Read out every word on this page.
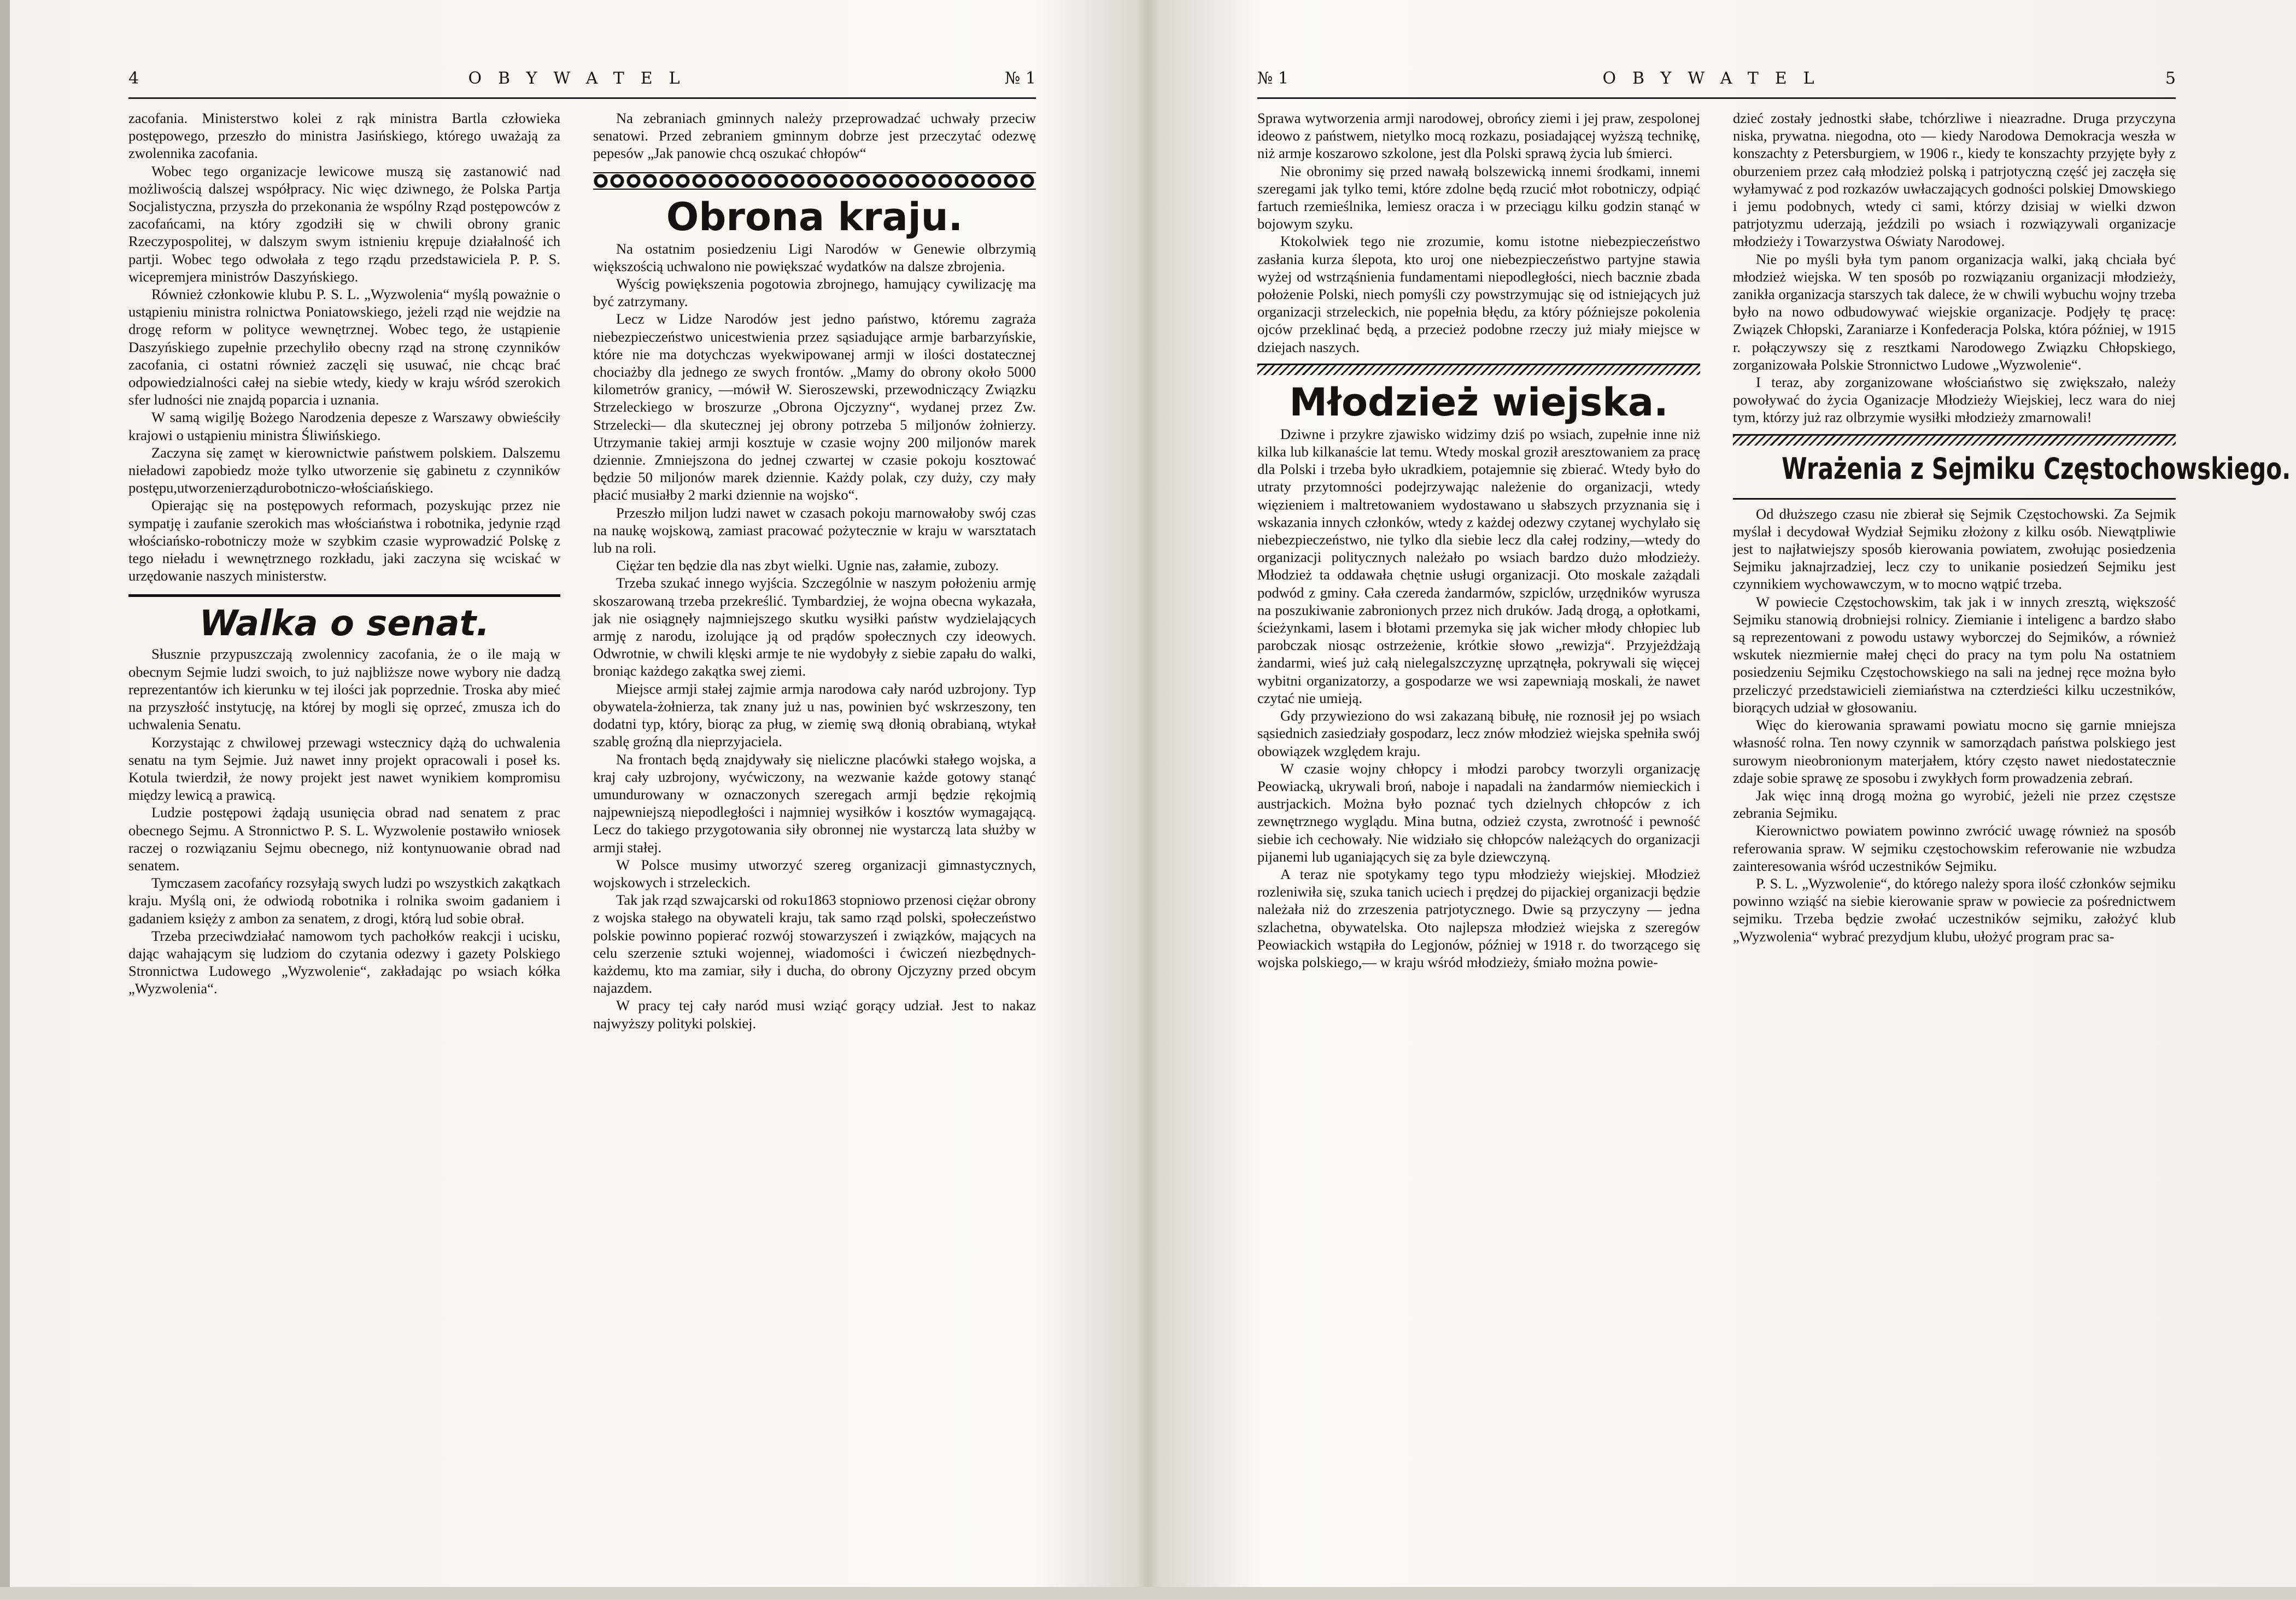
4	OBYWATEL	№ 1

zacofania. Ministerstwo kolei z rąk ministra Bartla człowieka postępowego, przeszło do ministra Jasińskiego, którego uważają za zwolennika zacofania.

Wobec tego organizacje lewicowe muszą się zastanowić nad możliwością dalszej współpracy. Nic więc dziwnego, że Polska Partja Socjalistyczna, przyszła do przekonania że wspólny Rząd postępowców z zacofańcami, na który zgodziłi się w chwili obrony granic Rzeczypospolitej, w dalszym swym istnieniu krępuje działalność ich partji. Wobec tego odwołała z tego rządu przedstawiciela P. P. S. wicepremjera ministrów Daszyńskiego.

Również członkowie klubu P. S. L. „Wyzwolenia“ myślą poważnie o ustąpieniu ministra rolnictwa Poniatowskiego, jeżeli rząd nie wejdzie na drogę reform w polityce wewnętrznej. Wobec tego, że ustąpienie Daszyńskiego zupełnie przechyliło obecny rząd na stronę czynników zacofania, ci ostatni również zaczęli się usuwać, nie chcąc brać odpowiedzialności całej na siebie wtedy, kiedy w kraju wśród szerokich sfer ludności nie znajdą poparcia i uznania.

W samą wigilję Bożego Narodzenia depesze z Warszawy obwieściły krajowi o ustąpieniu ministra Śliwińskiego.

Zaczyna się zamęt w kierownictwie państwem polskiem. Dalszemu nieładowi zapobiedz może tylko utworzenie się gabinetu z czynników postępu,utworzenierządurobotniczo-włościańskiego.

Opierając się na postępowych reformach, pozyskując przez nie sympatję i zaufanie szerokich mas włościaństwa i robotnika, jedynie rząd włościańsko-robotniczy może w szybkim czasie wyprowadzić Polskę z tego nieładu i wewnętrznego rozkładu, jaki zaczyna się wciskać w urzędowanie naszych ministerstw.

Walka o senat.

Słusznie przypuszczają zwolennicy zacofania, że o ile mają w obecnym Sejmie ludzi swoich, to już najbliższe nowe wybory nie dadzą reprezentantów ich kierunku w tej ilości jak poprzednie. Troska aby mieć na przyszłość instytucję, na której by mogli się oprzeć, zmusza ich do uchwalenia Senatu.

Korzystając z chwilowej przewagi wstecznicy dążą do uchwalenia senatu na tym Sejmie. Już nawet inny projekt opracowali i poseł ks. Kotula twierdził, że nowy projekt jest nawet wynikiem kompromisu między lewicą a prawicą.

Ludzie postępowi żądają usunięcia obrad nad senatem z prac obecnego Sejmu. A Stronnictwo P. S. L. Wyzwolenie postawiło wniosek raczej o rozwiązaniu Sejmu obecnego, niż kontynuowanie obrad nad senatem.

Tymczasem zacofańcy rozsyłają swych ludzi po wszystkich zakątkach kraju. Myślą oni, że odwiodą robotnika i rolnika swoim gadaniem i gadaniem księży z ambon za senatem, z drogi, którą lud sobie obrał.

Trzeba przeciwdziałać namowom tych pachołków reakcji i ucisku, dając wahającym się ludziom do czytania odezwy i gazety Polskiego Stronnictwa Ludowego „Wyzwolenie“, zakładając po wsiach kółka „Wyzwolenia“.

Na zebraniach gminnych należy przeprowadzać uchwały przeciw senatowi. Przed zebraniem gminnym dobrze jest przeczytać odezwę pepesów „Jak panowie chcą oszukać chłopów“

Obrona kraju.

Na ostatnim posiedzeniu Ligi Narodów w Genewie olbrzymią większością uchwalono nie powiększać wydatków na dalsze zbrojenia.

Wyścig powiększenia pogotowia zbrojnego, hamujący cywilizację ma być zatrzymany.

Lecz w Lidze Narodów jest jedno państwo, któremu zagraża niebezpieczeństwo unicestwienia przez sąsiadujące armje barbarzyńskie, które nie ma dotychczas wyekwipowanej armji w ilości dostatecznej chociażby dla jednego ze swych frontów. „Mamy do obrony około 5000 kilometrów granicy, —mówił W. Sieroszewski, przewodniczący Związku Strzeleckiego w broszurze „Obrona Ojczyzny“, wydanej przez Zw. Strzelecki— dla skutecznej jej obrony potrzeba 5 miljonów żołnierzy. Utrzymanie takiej armji kosztuje w czasie wojny 200 miljonów marek dziennie. Zmniejszona do jednej czwartej w czasie pokoju kosztować będzie 50 miljonów marek dziennie. Każdy polak, czy duży, czy mały płacić musiałby 2 marki dziennie na wojsko“.

Przeszło miljon ludzi nawet w czasach pokoju marnowałoby swój czas na naukę wojskową, zamiast pracować pożytecznie w kraju w warsztatach lub na roli.

Ciężar ten będzie dla nas zbyt wielki. Ugnie nas, załamie, zubozy.

Trzeba szukać innego wyjścia. Szczególnie w naszym położeniu armję skoszarowaną trzeba przekreślić. Tymbardziej, że wojna obecna wykazała, jak nie osiągnęły najmniejszego skutku wysiłki państw wydzielających armję z narodu, izolujące ją od prądów społecznych czy ideowych. Odwrotnie, w chwili klęski armje te nie wydobyły z siebie zapału do walki, broniąc każdego zakątka swej ziemi.

Miejsce armji stałej zajmie armja narodowa cały naród uzbrojony. Typ obywatela-żołnierza, tak znany już u nas, powinien być wskrzeszony, ten dodatni typ, który, biorąc za pług, w ziemię swą dłonią obrabianą, wtykał szablę groźną dla nieprzyjaciela.

Na frontach będą znajdywały się nieliczne placówki stałego wojska, a kraj cały uzbrojony, wyćwiczony, na wezwanie każde gotowy stanąć umundurowany w oznaczonych szeregach armji będzie rękojmią najpewniejszą niepodległości i najmniej wysiłków i kosztów wymagającą. Lecz do takiego przygotowania siły obronnej nie wystarczą lata służby w armji stałej.

W Polsce musimy utworzyć szereg organizacji gimnastycznych, wojskowych i strzeleckich.

Tak jak rząd szwajcarski od roku1863 stopniowo przenosi ciężar obrony z wojska stałego na obywateli kraju, tak samo rząd polski, społeczeństwo polskie powinno popierać rozwój stowarzyszeń i związków, mających na celu szerzenie sztuki wojennej, wiadomości i ćwiczeń niezbędnych-każdemu, kto ma zamiar, siły i ducha, do obrony Ojczyzny przed obcym najazdem.

W pracy tej cały naród musi wziąć gorący udział. Jest to nakaz najwyższy polityki polskiej.

№ 1	OBYWATEL	5

Sprawa wytworzenia armji narodowej, obrońcy ziemi i jej praw, zespolonej ideowo z państwem, nietylko mocą rozkazu, posiadającej wyższą technikę, niż armje koszarowo szkolone, jest dla Polski sprawą życia lub śmierci.

Nie obronimy się przed nawałą bolszewicką innemi środkami, innemi szeregami jak tylko temi, które zdolne będą rzucić młot robotniczy, odpiąć fartuch rzemieślnika, lemiesz oracza i w przeciągu kilku godzin stanąć w bojowym szyku.

Ktokolwiek tego nie zrozumie, komu istotne niebezpieczeństwo zasłania kurza ślepota, kto uroj one niebezpieczeństwo partyjne stawia wyżej od wstrząśnienia fundamentami niepodległości, niech bacznie zbada położenie Polski, niech pomyśli czy powstrzymując się od istniejących już organizacji strzeleckich, nie popełnia błędu, za który późniejsze pokolenia ojców przeklinać będą, a przecież podobne rzeczy już miały miejsce w dziejach naszych.

Młodzież wiejska.

Dziwne i przykre zjawisko widzimy dziś po wsiach, zupełnie inne niż kilka lub kilkanaście lat temu. Wtedy moskal groził aresztowaniem za pracę dla Polski i trzeba było ukradkiem, potajemnie się zbierać. Wtedy było do utraty przytomności podejrzywając należenie do organizacji, wtedy więzieniem i maltretowaniem wydostawano u słabszych przyznania się i wskazania innych członków, wtedy z każdej odezwy czytanej wychylało się niebezpieczeństwo, nie tylko dla siebie lecz dla całej rodziny,—wtedy do organizacji politycznych należało po wsiach bardzo dużo młodzieży. Młodzież ta oddawała chętnie usługi organizacji. Oto moskale zażądali podwód z gminy. Cała czereda żandarmów, szpiclów, urzędników wyrusza na poszukiwanie zabronionych przez nich druków. Jadą drogą, a opłotkami, ścieżynkami, lasem i błotami przemyka się jak wicher młody chłopiec lub parobczak niosąc ostrzeżenie, krótkie słowo „rewizja“. Przyjeżdżają żandarmi, wieś już całą nielegalszczyznę uprzątnęła, pokrywali się więcej wybitni organizatorzy, a gospodarze we wsi zapewniają moskali, że nawet czytać nie umieją.

Gdy przywieziono do wsi zakazaną bibułę, nie roznosił jej po wsiach sąsiednich zasiedziały gospodarz, lecz znów młodzież wiejska spełniła swój obowiązek względem kraju.

W czasie wojny chłopcy i młodzi parobcy tworzyli organizację Peowiacką, ukrywali broń, naboje i napadali na żandarmów niemieckich i austrjackich. Można było poznać tych dzielnych chłopców z ich zewnętrznego wyglądu. Mina butna, odzież czysta, zwrotność i pewność siebie ich cechowały. Nie widziało się chłopców należących do organizacji pijanemi lub uganiających się za byle dziewczyną.

A teraz nie spotykamy tego typu młodzieży wiejskiej. Młodzież rozleniwiła się, szuka tanich uciech i prędzej do pijackiej organizacji będzie należała niż do zrzeszenia patrjotycznego. Dwie są przyczyny — jedna szlachetna, obywatelska. Oto najlepsza młodzież wiejska z szeregów Peowiackich wstąpiła do Legjonów, później w 1918 r. do tworzącego się wojska polskiego,— w kraju wśród młodzieży, śmiało można powie-

dzieć zostały jednostki słabe, tchórzliwe i nieazradne. Druga przyczyna niska, prywatna. niegodna, oto — kiedy Narodowa Demokracja weszła w konszachty z Petersburgiem, w 1906 r., kiedy te konszachty przyjęte były z oburzeniem przez całą młodzież polską i patrjotyczną część jej zaczęła się wyłamywać z pod rozkazów uwłaczających godności polskiej Dmowskiego i jemu podobnych, wtedy ci sami, którzy dzisiaj w wielki dzwon patrjotyzmu uderzają, jeździli po wsiach i rozwiązywali organizacje młodzieży i Towarzystwa Oświaty Narodowej.

Nie po myśli była tym panom organizacja walki, jaką chciała być młodzież wiejska. W ten sposób po rozwiązaniu organizacji młodzieży, zanikła organizacja starszych tak dalece, że w chwili wybuchu wojny trzeba było na nowo odbudowywać wiejskie organizacje. Podjęły tę pracę: Związek Chłopski, Zaraniarze i Konfederacja Polska, która później, w 1915 r. połączywszy się z resztkami Narodowego Związku Chłopskiego, zorganizowała Polskie Stronnictwo Ludowe „Wyzwolenie“.

I teraz, aby zorganizowane włościaństwo się zwiększało, należy powoływać do życia Oganizacje Młodzieży Wiejskiej, lecz wara do niej tym, którzy już raz olbrzymie wysiłki młodzieży zmarnowali!

Wrażenia z Sejmiku Częstochowskiego.

Od dłuższego czasu nie zbierał się Sejmik Częstochowski. Za Sejmik myślał i decydował Wydział Sejmiku złożony z kilku osób. Niewątpliwie jest to najłatwiejszy sposób kierowania powiatem, zwołując posiedzenia Sejmiku jaknajrzadziej, lecz czy to unikanie posiedzeń Sejmiku jest czynnikiem wychowawczym, w to mocno wątpić trzeba.

W powiecie Częstochowskim, tak jak i w innych zresztą, większość Sejmiku stanowią drobniejsi rolnicy. Ziemianie i inteligenc a bardzo słabo są reprezentowani z powodu ustawy wyborczej do Sejmików, a również wskutek niezmiernie małej chęci do pracy na tym polu Na ostatniem posiedzeniu Sejmiku Częstochowskiego na sali na jednej ręce można było przeliczyć przedstawicieli ziemiaństwa na czterdzieści kilku uczestników, biorących udział w głosowaniu.

Więc do kierowania sprawami powiatu mocno się garnie mniejsza własność rolna. Ten nowy czynnik w samorządach państwa polskiego jest surowym nieobronionym materjałem, który często nawet niedostatecznie zdaje sobie sprawę ze sposobu i zwykłych form prowadzenia zebrań.

Jak więc inną drogą można go wyrobić, jeżeli nie przez częstsze zebrania Sejmiku.

Kierownictwo powiatem powinno zwrócić uwagę również na sposób referowania spraw. W sejmiku częstochowskim referowanie nie wzbudza zainteresowania wśród uczestników Sejmiku.

P. S. L. „Wyzwolenie“, do którego należy spora ilość członków sejmiku powinno wziąść na siebie kierowanie spraw w powiecie za pośrednictwem sejmiku. Trzeba będzie zwołać uczestników sejmiku, założyć klub „Wyzwolenia“ wybrać prezydjum klubu, ułożyć program prac sa-
